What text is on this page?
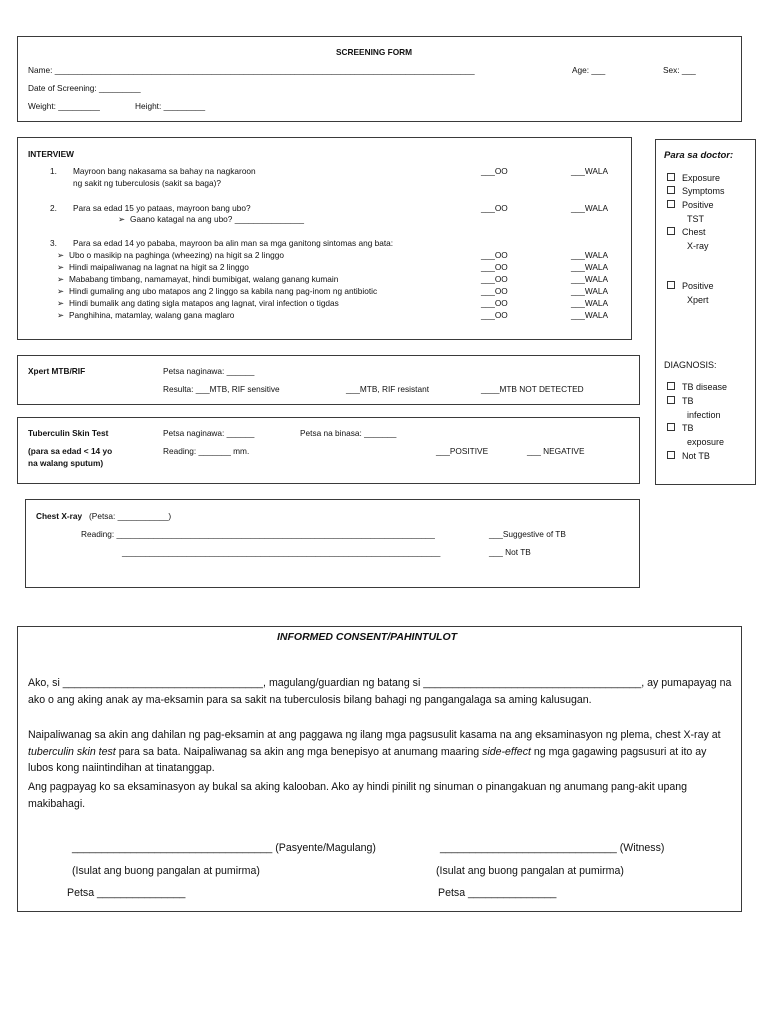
SCREENING FORM
Name: ___________________________________________________________________________________________	Age: ___	Sex: ___
Date of Screening: _________
Weight: _________	Height: _________
INTERVIEW
1. Mayroon bang nakasama sa bahay na nagkaroon
ng sakit ng tuberculosis (sakit sa baga)?
___OO	___WALA
2. Para sa edad 15 yo pataas, mayroon bang ubo?	___OO	___WALA
➢ Gaano katagal na ang ubo? _______________
3. Para sa edad 14 yo pababa, mayroon ba alin man sa mga ganitong sintomas ang bata:
➢ Ubo o masikip na paghinga (wheezing) na higit sa 2 linggo	___OO	___WALA
➢ Hindi maipaliwanag na lagnat na higit sa 2 linggo	___OO	___WALA
➢ Mababang timbang, namamayat, hindi bumibigat, walang ganang kumain	___OO	___WALA
➢ Hindi gumaling ang ubo matapos ang 2 linggo sa kabila nang pag-inom ng antibiotic	___OO	___WALA
➢ Hindi bumalik ang dating sigla matapos ang lagnat, viral infection o tigdas	___OO	___WALA
➢ Panghihina, matamlay, walang gana maglaro	___OO	___WALA
Para sa doctor:
Exposure
Symptoms
Positive
TST
Chest
X-ray
Positive
Xpert
DIAGNOSIS:
TB disease
TB
infection
TB
exposure
Not TB
Xpert MTB/RIF	Petsa naginawa: ______
Resulta: ___MTB, RIF sensitive	___MTB, RIF resistant	____MTB NOT DETECTED
Tuberculin Skin Test
(para sa edad < 14 yo
na walang sputum)
Petsa naginawa: ______	Petsa na binasa: _______
Reading: _______ mm.	___POSITIVE	___ NEGATIVE
Chest X-ray (Petsa: ___________)
Reading: _____________________________________________________________________
_____________________________________________________________________
___Suggestive of TB
___ Not TB
INFORMED CONSENT/PAHINTULOT
Ako, si __________________________________, magulang/guardian ng batang si _____________________________________, ay pumapayag na ako o ang aking anak ay ma-eksamin para sa sakit na tuberculosis bilang bahagi ng pangangalaga sa aming kalusugan.
Naipaliwanag sa akin ang dahilan ng pag-eksamin at ang paggawa ng ilang mga pagsusulit kasama na ang eksaminasyon ng plema, chest X-ray at tuberculin skin test para sa bata. Naipaliwanag sa akin ang mga benepisyo at anumang maaring side-effect ng mga gagawing pagsusuri at ito ay lubos kong naiintindihan at tinatanggap.
Ang pagpayag ko sa eksaminasyon ay bukal sa aking kalooban. Ako ay hindi pinilit ng sinuman o pinangakuan ng anumang pang-akit upang makibahagi.
__________________________________ (Pasyente/Magulang)	______________________________ (Witness)
(Isulat ang buong pangalan at pumirma)	(Isulat ang buong pangalan at pumirma)
Petsa _______________	Petsa _______________
